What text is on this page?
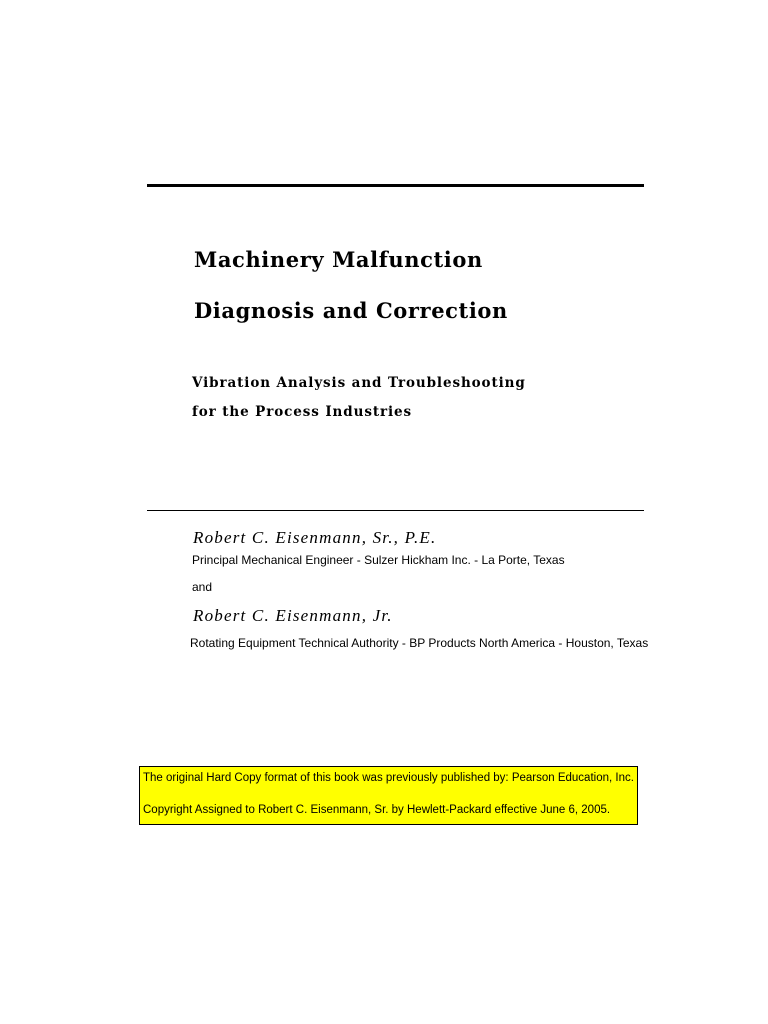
Machinery Malfunction
Diagnosis and Correction
Vibration Analysis and Troubleshooting
for the Process Industries
Robert C. Eisenmann, Sr., P.E.
Principal Mechanical Engineer - Sulzer Hickham Inc. - La Porte, Texas
and
Robert C. Eisenmann, Jr.
Rotating Equipment Technical Authority - BP Products North America - Houston, Texas
The original Hard Copy format of this book was previously published by: Pearson Education, Inc.
Copyright Assigned to Robert C. Eisenmann, Sr. by Hewlett-Packard effective June 6, 2005.
